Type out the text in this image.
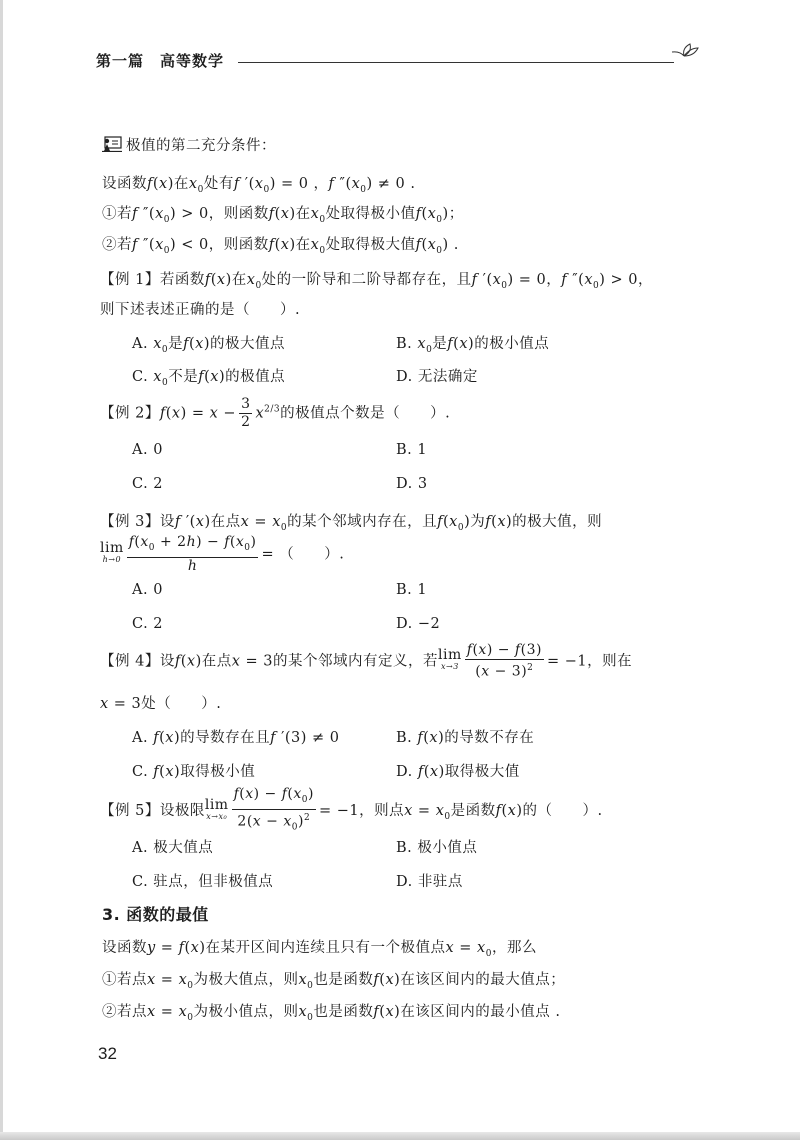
第一篇　高等数学
极值的第二充分条件：
设函数f(x)在$x_0$处有f $'(x_0) = 0$ ，f $''(x_0) \ne 0$ .
①若f $''(x_0) > 0$，则函数f(x)在$x_0$处取得极小值$f(x_0)$；
②若f $''(x_0) < 0$，则函数f(x)在$x_0$处取得极大值$f(x_0)$ .
【例 1】若函数f(x)在$x_0$处的一阶导和二阶导都存在，且f $'(x_0) = 0$，f $''(x_0) > 0$，
则下述表述正确的是（　　）.
A. $x_0$是f(x)的极大值点	B. $x_0$是f(x)的极小值点
C. $x_0$不是f(x)的极值点	D. 无法确定
【例 2】$f(x) = x - \frac{3}{2} x^{2/3}$的极值点个数是（　　）.
A. 0	B. 1
C. 2	D. 3
【例 3】设f ′(x)在点$x = x_0$的某个邻域内存在，且$f(x_0)$为f(x)的极大值，则
lim
$h\to 0 \frac{f(x_0 + 2h) - f(x_0)}{h}$ = （　　）.
A. 0	B. 1
C. 2	D. −2
【例 4】设f(x)在点x = 3的某个邻域内有定义，若 lim
$x\to 3 \frac{f(x) - f(3)}{(x - 3)^2} = -1$，则在
x = 3处（　　）.
A. f(x)的导数存在且f ′(3) ≠ 0	B. f(x)的导数不存在
C. f(x)取得极小值	D. f(x)取得极大值
【例 5】设极限 lim
$x\to x_0 \frac{f(x) - f(x_0)}{2(x - x_0)^2} = -1$，则点$x = x_0$是函数f(x)的（　　）.
A. 极大值点	B. 极小值点
C. 驻点，但非极值点	D. 非驻点
3. 函数的最值
设函数y = f(x)在某开区间内连续且只有一个极值点$x = x_0$，那么
①若点$x = x_0$为极大值点，则$x_0$也是函数f(x)在该区间内的最大值点；
②若点$x = x_0$为极小值点，则$x_0$也是函数f(x)在该区间内的最小值点 .
32
